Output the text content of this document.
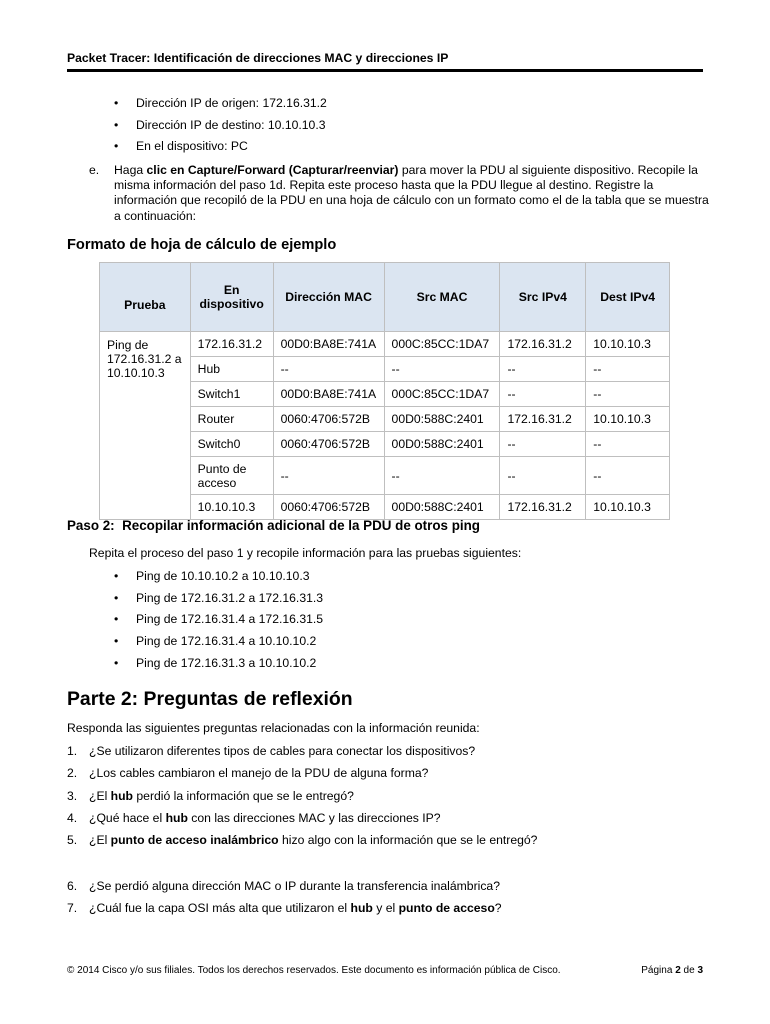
Packet Tracer: Identificación de direcciones MAC y direcciones IP
• Dirección IP de origen: 172.16.31.2
• Dirección IP de destino: 10.10.10.3
• En el dispositivo: PC
e. Haga clic en Capture/Forward (Capturar/reenviar) para mover la PDU al siguiente dispositivo. Recopile la misma información del paso 1d. Repita este proceso hasta que la PDU llegue al destino. Registre la información que recopiló de la PDU en una hoja de cálculo con un formato como el de la tabla que se muestra a continuación:
Formato de hoja de cálculo de ejemplo
Prueba	En dispositivo	Dirección MAC	Src MAC	Src IPv4	Dest IPv4
Ping de 172.16.31.2 a 10.10.10.3	172.16.31.2	00D0:BA8E:741A	000C:85CC:1DA7	172.16.31.2	10.10.10.3
	Hub	--	--	--	--
	Switch1	00D0:BA8E:741A	000C:85CC:1DA7	--	--
	Router	0060:4706:572B	00D0:588C:2401	172.16.31.2	10.10.10.3
	Switch0	0060:4706:572B	00D0:588C:2401	--	--
	Punto de acceso	--	--	--	--
	10.10.10.3	0060:4706:572B	00D0:588C:2401	172.16.31.2	10.10.10.3
Paso 2:  Recopilar información adicional de la PDU de otros ping
Repita el proceso del paso 1 y recopile información para las pruebas siguientes:
• Ping de 10.10.10.2 a 10.10.10.3
• Ping de 172.16.31.2 a 172.16.31.3
• Ping de 172.16.31.4 a 172.16.31.5
• Ping de 172.16.31.4 a 10.10.10.2
• Ping de 172.16.31.3 a 10.10.10.2
Parte 2: Preguntas de reflexión
Responda las siguientes preguntas relacionadas con la información reunida:
1. ¿Se utilizaron diferentes tipos de cables para conectar los dispositivos?
2. ¿Los cables cambiaron el manejo de la PDU de alguna forma?
3. ¿El hub perdió la información que se le entregó?
4. ¿Qué hace el hub con las direcciones MAC y las direcciones IP?
5. ¿El punto de acceso inalámbrico hizo algo con la información que se le entregó?
6. ¿Se perdió alguna dirección MAC o IP durante la transferencia inalámbrica?
7. ¿Cuál fue la capa OSI más alta que utilizaron el hub y el punto de acceso?
© 2014 Cisco y/o sus filiales. Todos los derechos reservados. Este documento es información pública de Cisco.	Página 2 de 3
